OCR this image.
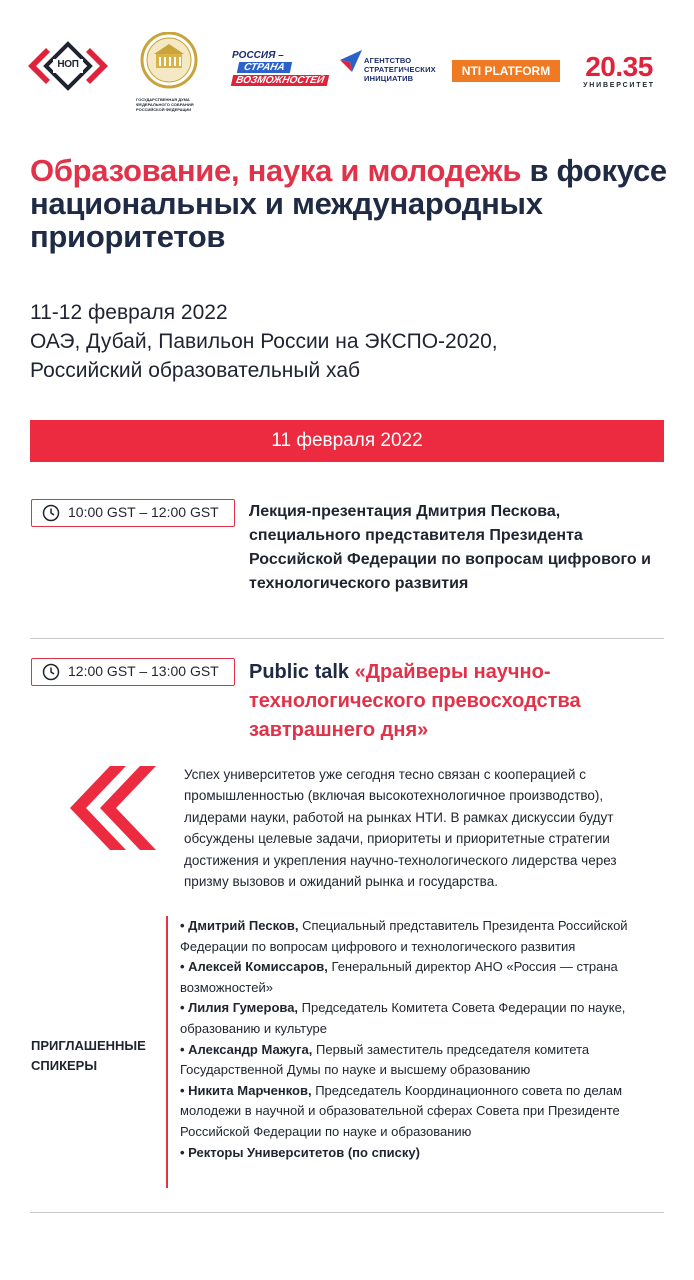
НОП
ГОСУДАРСТВЕННАЯ ДУМА ФЕДЕРАЛЬНОГО СОБРАНИЯ РОССИЙСКОЙ ФЕДЕРАЦИИ
РОССИЯ –
СТРАНА
ВОЗМОЖНОСТЕЙ
АГЕНТСТВО
СТРАТЕГИЧЕСКИХ
ИНИЦИАТИВ
NTI PLATFORM	20.35
УНИВЕРСИТЕТ
Образование, наука и молодежь в фокусе национальных и международных приоритетов
11-12 февраля 2022
ОАЭ, Дубай, Павильон России на ЭКСПО-2020,
Российский образовательный хаб
11 февраля 2022
10:00 GST – 12:00 GST	Лекция-презентация Дмитрия Пескова, специального представителя Президента Российской Федерации по вопросам цифрового и технологического развития
12:00 GST – 13:00 GST	Public talk «Драйверы научно-технологического превосходства завтрашнего дня»
Успех университетов уже сегодня тесно связан с кооперацией с промышленностью (включая высокотехнологичное производство), лидерами науки, работой на рынках НТИ. В рамках дискуссии будут обсуждены целевые задачи, приоритеты и приоритетные стратегии достижения и укрепления научно-технологического лидерства через призму вызовов и ожиданий рынка и государства.
ПРИГЛАШЕННЫЕ СПИКЕРЫ
• Дмитрий Песков, Специальный представитель Президента Российской Федерации по вопросам цифрового и технологического развития
• Алексей Комиссаров, Генеральный директор АНО «Россия — страна возможностей»
• Лилия Гумерова, Председатель Комитета Совета Федерации по науке, образованию и культуре
• Александр Мажуга, Первый заместитель председателя комитета Государственной Думы по науке и высшему образованию
• Никита Марченков, Председатель Координационного совета по делам молодежи в научной и образовательной сферах Совета при Президенте Российской Федерации по науке и образованию
• Ректоры Университетов (по списку)
